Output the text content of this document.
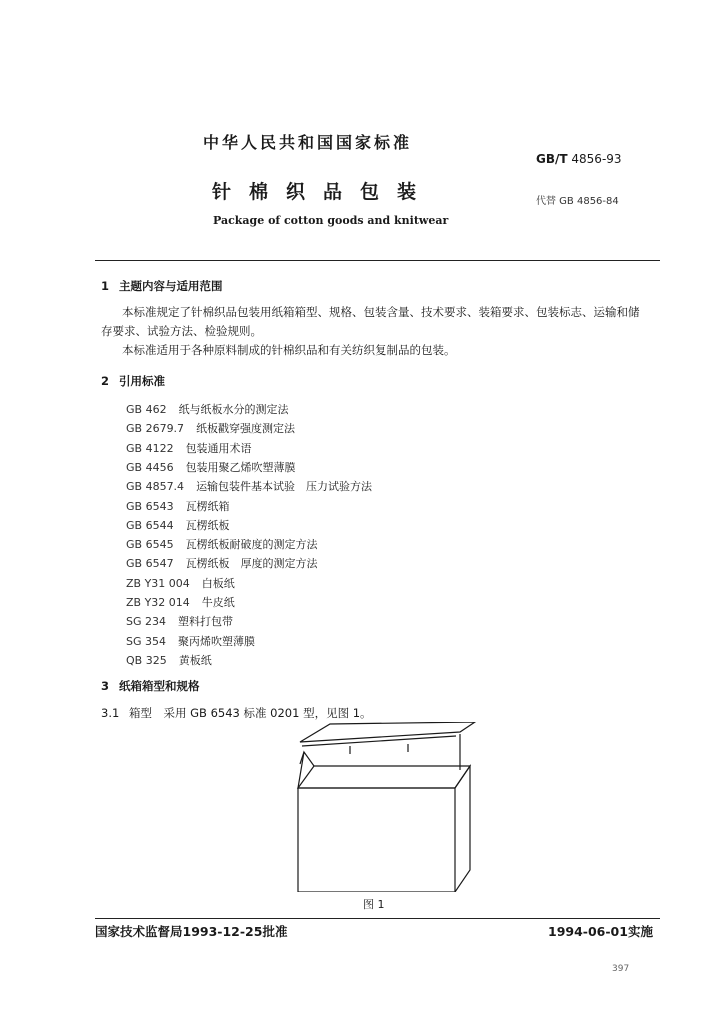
中华人民共和国国家标准
GB/T 4856-93
针棉织品包装	代替 GB 4856-84
Package of cotton goods and knitwear
1 主题内容与适用范围
本标准规定了针棉织品包装用纸箱箱型、规格、包装含量、技术要求、装箱要求、包装标志、运输和储
存要求、试验方法、检验规则。
本标准适用于各种原料制成的针棉织品和有关纺织复制品的包装。
2 引用标准
GB 462 纸与纸板水分的测定法
GB 2679.7 纸板戳穿强度测定法
GB 4122 包装通用术语
GB 4456 包装用聚乙烯吹塑薄膜
GB 4857.4 运输包装件基本试验　压力试验方法
GB 6543 瓦楞纸箱
GB 6544 瓦楞纸板
GB 6545 瓦楞纸板耐破度的测定方法
GB 6547 瓦楞纸板　厚度的测定方法
ZB Y31 004 白板纸
ZB Y32 014 牛皮纸
SG 234 塑料打包带
SG 354 聚丙烯吹塑薄膜
QB 325 黄板纸
3 纸箱箱型和规格
3.1 箱型　采用 GB 6543 标准 0201 型，见图 1。
图 1
国家技术监督局1993-12-25批准	1994-06-01实施
397
